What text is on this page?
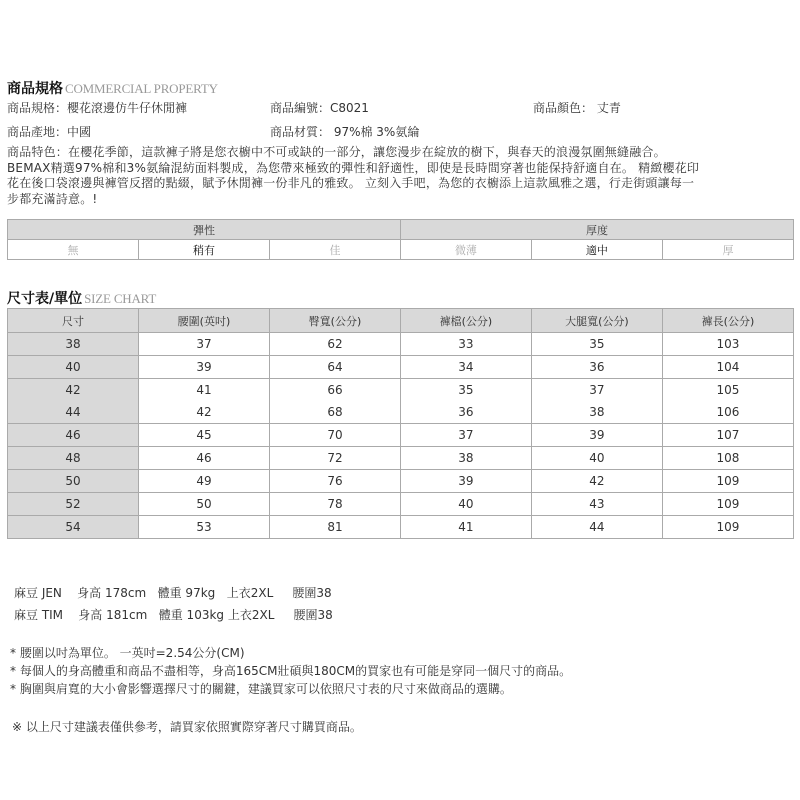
商品規格 COMMERCIAL PROPERTY
商品規格：櫻花滾邊仿牛仔休閒褲	商品編號：C8021	商品顏色： 丈青
商品產地：中國	商品材質： 97%棉 3%氨綸
商品特色：在櫻花季節，這款褲子將是您衣櫥中不可或缺的一部分，讓您漫步在綻放的樹下，與春天的浪漫氛圍無縫融合。
BEMAX精選97%棉和3%氨綸混紡面料製成，為您帶來極致的彈性和舒適性，即使是長時間穿著也能保持舒適自在。 精緻櫻花印
花在後口袋滾邊與褲管反摺的點綴，賦予休閒褲一份非凡的雅致。 立刻入手吧，為您的衣櫥添上這款風雅之選，行走街頭讓每一
步都充滿詩意。!
彈性			厚度		
無	稍有	佳	微薄	適中	厚
尺寸表/單位 SIZE CHART
尺寸	腰圍(英吋)	臀寬(公分)	褲檔(公分)	大腿寬(公分)	褲長(公分)
38	37	62	33	35	103
40	39	64	34	36	104
42	41	66	35	37	105
44	42	68	36	38	106
46	45	70	37	39	107
48	46	72	38	40	108
50	49	76	39	42	109
52	50	78	40	43	109
54	53	81	41	44	109
麻豆 JEN    身高 178cm   體重 97kg   上衣2XL     腰圍38
麻豆 TIM    身高 181cm   體重 103kg 上衣2XL     腰圍38
* 腰圍以吋為單位。 一英吋=2.54公分(CM)
* 每個人的身高體重和商品不盡相等，身高165CM壯碩與180CM的買家也有可能是穿同一個尺寸的商品。
* 胸圍與肩寬的大小會影響選擇尺寸的關鍵，建議買家可以依照尺寸表的尺寸來做商品的選購。
※ 以上尺寸建議表僅供參考，請買家依照實際穿著尺寸購買商品。
